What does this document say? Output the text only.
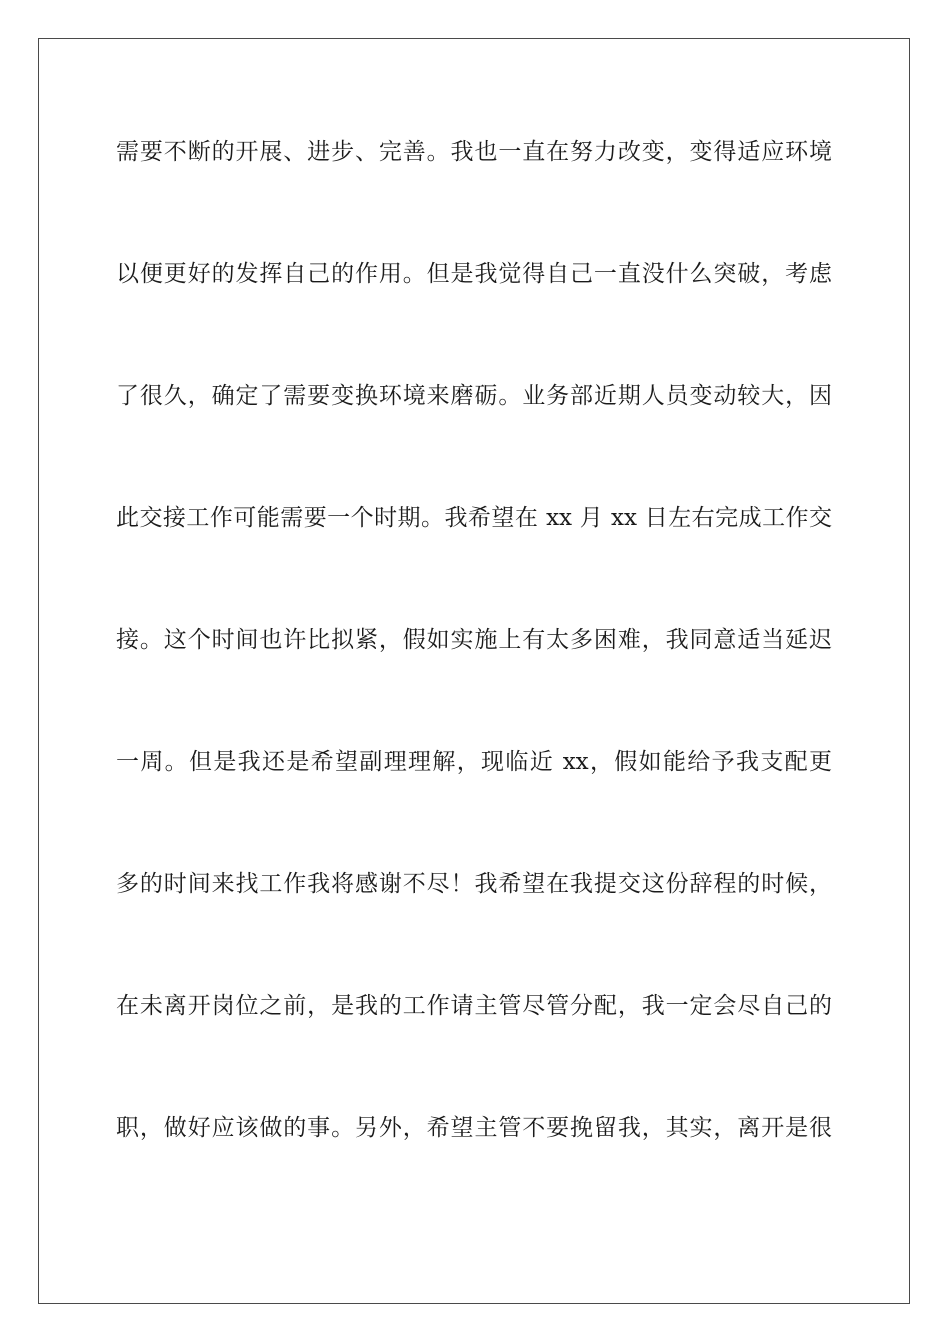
需要不断的开展、进步、完善。我也一直在努力改变，变得适应环境
以便更好的发挥自己的作用。但是我觉得自己一直没什么突破，考虑
了很久，确定了需要变换环境来磨砺。业务部近期人员变动较大，因
此交接工作可能需要一个时期。我希望在 xx 月 xx 日左右完成工作交
接。这个时间也许比拟紧，假如实施上有太多困难，我同意适当延迟
一周。但是我还是希望副理理解，现临近 xx，假如能给予我支配更
多的时间来找工作我将感谢不尽！我希望在我提交这份辞程的时候，
在未离开岗位之前，是我的工作请主管尽管分配，我一定会尽自己的
职，做好应该做的事。另外，希望主管不要挽留我，其实，离开是很
